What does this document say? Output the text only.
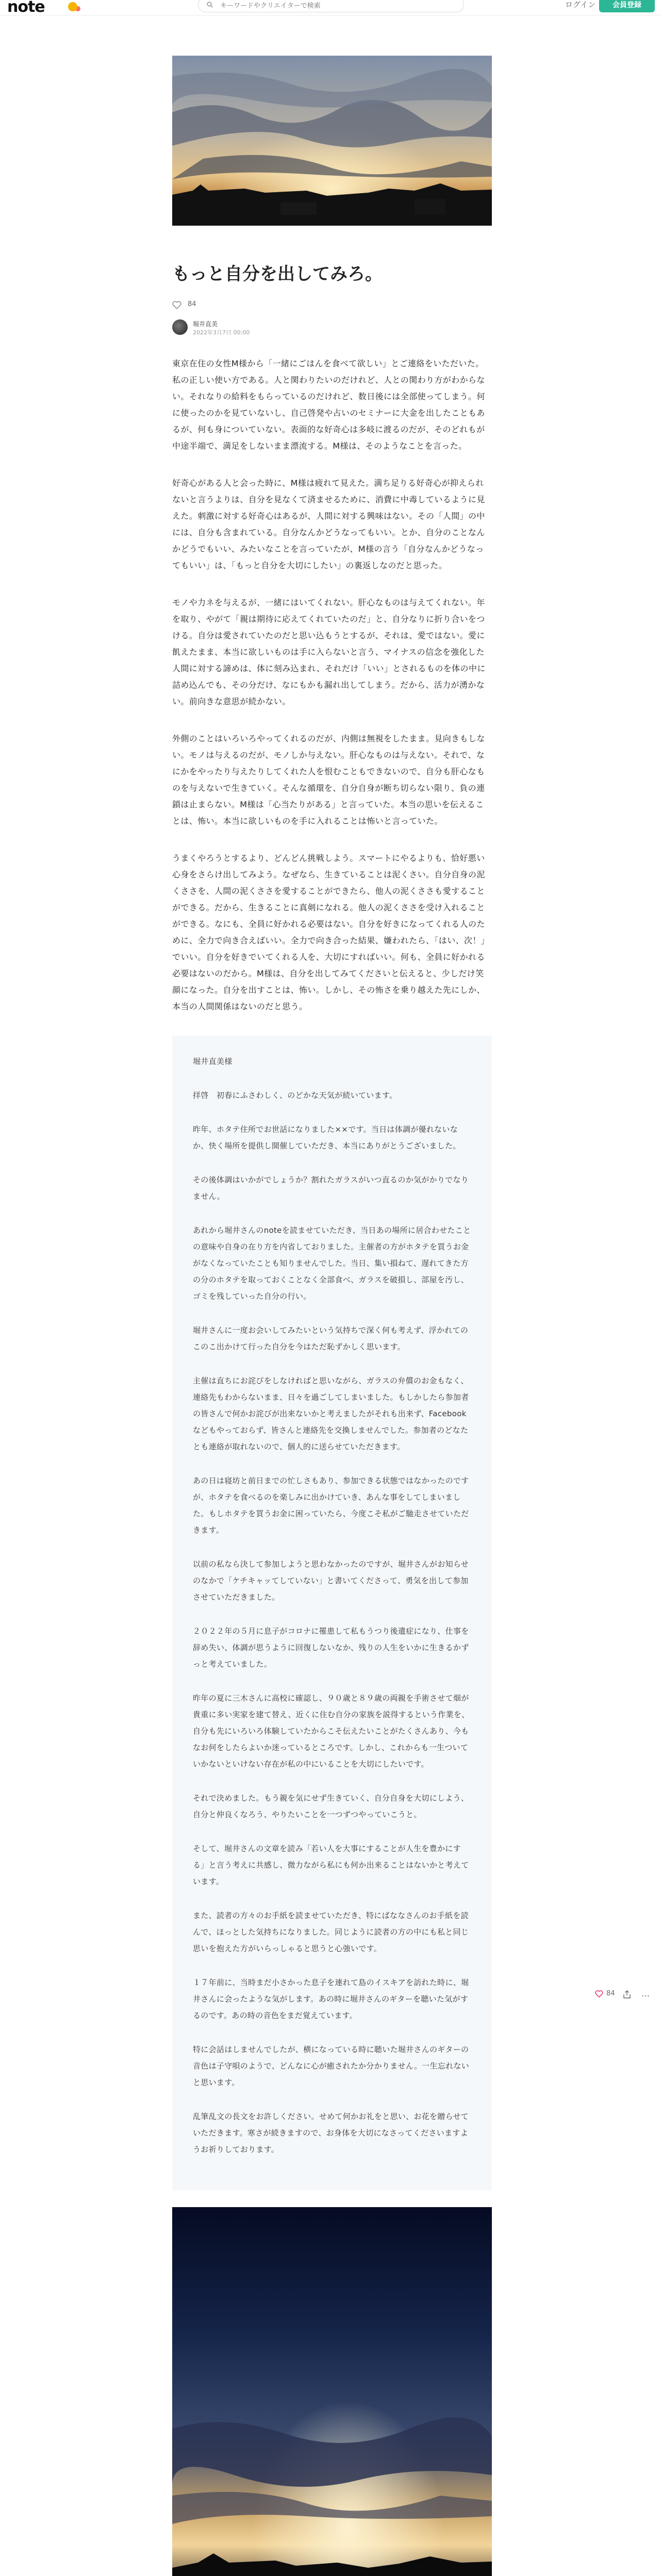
note
キーワードやクリエイターで検索	ログイン	会員登録
もっと自分を出してみろ。
84
堀井直美
2022年3月7日 00:00

東京在住の女性M様から「一緒にごはんを食べて欲しい」とご連絡をいただいた。私の正しい使い方である。人と関わりたいのだけれど、人との関わり方がわからない。それなりの給料をもらっているのだけれど、数日後には全部使ってしまう。何に使ったのかを見ていないし、自己啓発や占いのセミナーに大金を出したこともあるが、何も身についていない。表面的な好奇心は多岐に渡るのだが、そのどれもが中途半端で、満足をしないまま漂流する。M様は、そのようなことを言った。

好奇心がある人と会った時に、M様は疲れて見えた。満ち足りる好奇心が抑えられないと言うよりは、自分を見なくて済ませるために、消費に中毒しているように見えた。刺激に対する好奇心はあるが、人間に対する興味はない。その「人間」の中には、自分も含まれている。自分なんかどうなってもいい。とか、自分のことなんかどうでもいい、みたいなことを言っていたが、M様の言う「自分なんかどうなってもいい」は、「もっと自分を大切にしたい」の裏返しなのだと思った。

モノや力ネを与えるが、一緒にはいてくれない。肝心なものは与えてくれない。年を取り、やがて「親は期待に応えてくれていたのだ」と、自分なりに折り合いをつける。自分は愛されていたのだと思い込もうとするが、それは、愛ではない。愛に飢えたまま、本当に欲しいものは手に入らないと言う、マイナスの信念を強化した人間に対する諦めは、体に刻み込まれ、それだけ「いい」とされるものを体の中に詰め込んでも、その分だけ、なにもかも漏れ出してしまう。だから、活力が湧かない。前向きな意思が続かない。

外側のことはいろいろやってくれるのだが、内側は無視をしたまま。見向きもしない。モノは与えるのだが、モノしか与えない。肝心なものは与えない。それで、なにかをやったり与えたりしてくれた人を恨むこともできないので、自分も肝心なものを与えないで生きていく。そんな循環を、自分自身が断ち切らない限り、負の連鎖は止まらない。M様は「心当たりがある」と言っていた。本当の思いを伝えることは、怖い。本当に欲しいものを手に入れることは怖いと言っていた。

うまくやろうとするより、どんどん挑戦しよう。スマートにやるよりも、恰好悪い心身をさらけ出してみよう。なぜなら、生きていることは泥くさい。自分自身の泥くささを、人間の泥くささを愛することができたら、他人の泥くささも愛することができる。だから、生きることに真剣になれる。他人の泥くささを受け入れることができる。なにも、全員に好かれる必要はない。自分を好きになってくれる人のために、全力で向き合えばいい。全力で向き合った結果、嫌われたら、「はい、次！」でいい。自分を好きでいてくれる人を、大切にすればいい。何も、全員に好かれる必要はないのだから。M様は、自分を出してみてくださいと伝えると、少しだけ笑顔になった。自分を出すことは、怖い。しかし、その怖さを乗り越えた先にしか、本当の人間関係はないのだと思う。

堀井直美様

拝啓　初春にふさわしく、のどかな天気が続いています。

昨年、ホタテ住所でお世話になりました××です。当日は体調が優れないなか、快く場所を提供し開催していただき、本当にありがとうございました。

その後体調はいかがでしょうか？割れたガラスがいつ直るのか気がかりでなりません。

あれから堀井さんのnoteを読ませていただき、当日あの場所に居合わせたことの意味や自身の在り方を内省しておりました。主催者の方がホタテを買うお金がなくなっていたことも知りませんでした。当日、集い損ねて、遅れてきた方の分のホタテを取っておくことなく全部食べ、ガラスを破損し、部屋を汚し、ゴミを残していった自分の行い。

堀井さんに一度お会いしてみたいという気持ちで深く何も考えず、浮かれてのこのこ出かけて行った自分を今はただ恥ずかしく思います。

主催は直ちにお詫びをしなければと思いながら、ガラスの弁償のお金もなく、連絡先もわからないまま、日々を過ごしてしまいました。もしかしたら参加者の皆さんで何かお詫びが出来ないかと考えましたがそれも出来ず、Facebookなどもやっておらず、皆さんと連絡先を交換しませんでした。参加者のどなたとも連絡が取れないので、個人的に送らせていただきます。

あの日は寝坊と前日までの忙しさもあり、参加できる状態ではなかったのですが、ホタテを食べるのを楽しみに出かけていき、あんな事をしてしまいました。もしホタテを買うお金に困っていたら、今度こそ私がご馳走させていただきます。

以前の私なら決して参加しようと思わなかったのですが、堀井さんがお知らせのなかで「ケチキャッてしていない」と書いてくださって、勇気を出して参加させていただきました。

２０２２年の５月に息子がコロナに罹患して私もうつり後遺症になり、仕事を辞め失い、体調が思うように回復しないなか、残りの人生をいかに生きるかずっと考えていました。

昨年の夏に三木さんに高校に確認し、９０歳と８９歳の両親を手術させて畑が貴重に多い実家を建て替え、近くに住む自分の家族を説得するという作業を、自分も先にいろいろ体験していたからこそ伝えたいことがたくさんあり、今もなお何をしたらよいか迷っているところです。しかし、これからも一生ついていかないといけない存在が私の中にいることを大切にしたいです。

それで決めました。もう親を気にせず生きていく、自分自身を大切にしよう、自分と仲良くなろう、やりたいことを一つずつやっていこうと。

そして、堀井さんの文章を読み「若い人を大事にすることが人生を豊かにする」と言う考えに共感し、微力ながら私にも何か出来ることはないかと考えています。

また、読者の方々のお手紙を読ませていただき、特にばななさんのお手紙を読んで、ほっとした気持ちになりました。同じように読者の方の中にも私と同じ思いを抱えた方がいらっしゃると思うと心強いです。

１７年前に、当時まだ小さかった息子を連れて島のイスキアを訪れた時に、堀井さんに会ったような気がします。あの時に堀井さんのギターを聴いた気がするのです。あの時の音色をまだ覚えています。

特に会話はしませんでしたが、横になっている時に聴いた堀井さんのギターの音色は子守唄のようで、どんなに心が癒されたか分かりません。一生忘れないと思います。

乱筆乱文の長文をお許しください。せめて何かお礼をと思い、お花を贈らせていただきます。寒さが続きますので、お身体を大切になさってくださいますようお祈りしております。

84	…
